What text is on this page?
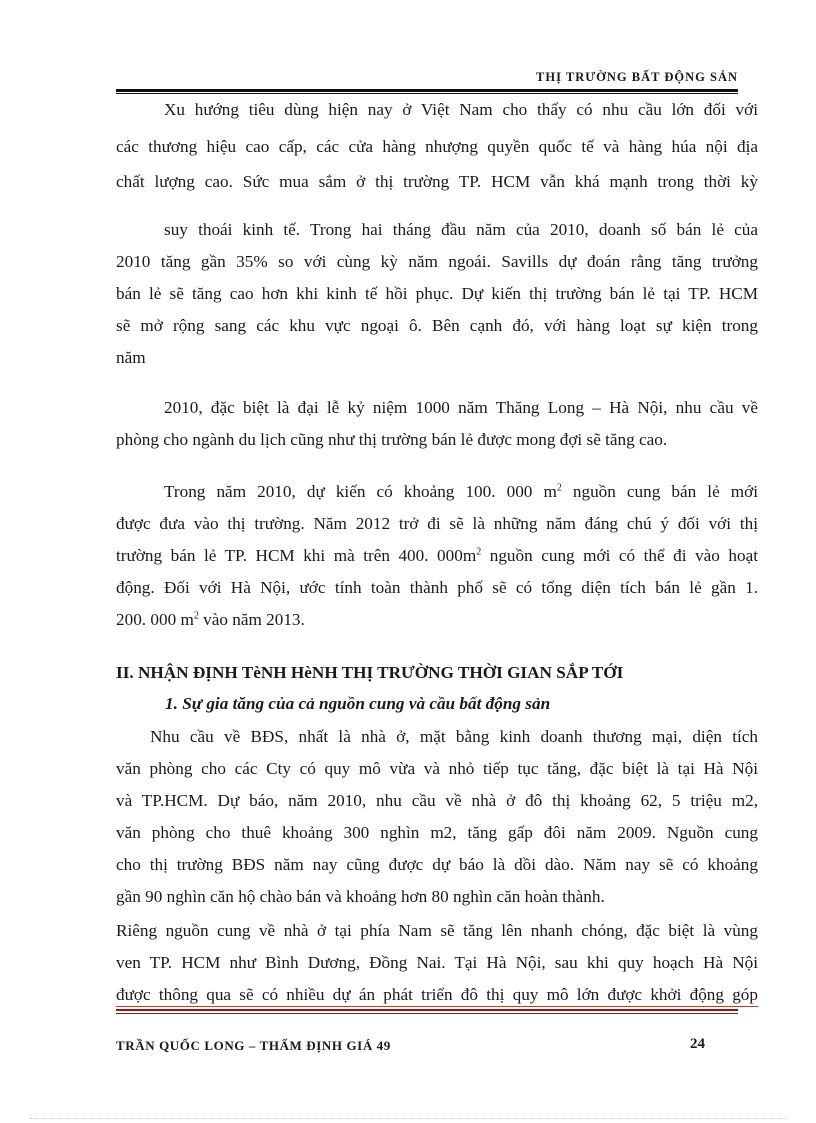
THỊ TRƯỜNG BẤT ĐỘNG SẢN
Xu hướng tiêu dùng hiện nay ở Việt Nam cho thấy có nhu cầu lớn đối với
các thương hiệu cao cấp, các cửa hàng nhượng quyền quốc tế và hàng húa nội địa
chất lượng cao. Sức mua sắm ở thị trường TP. HCM vẫn khá mạnh trong thời kỳ
suy thoái kinh tế. Trong hai tháng đầu năm của 2010, doanh số bán lẻ của
2010 tăng gần 35% so với cùng kỳ năm ngoái. Savills dự đoán rằng tăng trưởng
bán lẻ sẽ tăng cao hơn khi kinh tế hồi phục. Dự kiến thị trường bán lẻ tại TP. HCM
sẽ mở rộng sang các khu vực ngoại ô. Bên cạnh đó, với hàng loạt sự kiện trong
năm
2010, đặc biệt là đại lễ kỷ niệm 1000 năm Thăng Long – Hà Nội, nhu cầu về
phòng cho ngành du lịch cũng như thị trường bán lẻ được mong đợi sẽ tăng cao.
Trong năm 2010, dự kiến có khoảng 100. 000 $m^2$ nguồn cung bán lẻ mới
được đưa vào thị trường. Năm 2012 trở đi sẽ là những năm đáng chú ý đối với thị
trường bán lẻ TP. HCM khi mà trên 400. $000m^2$ nguồn cung mới có thể đi vào hoạt
động. Đối với Hà Nội, ước tính toàn thành phố sẽ có tổng diện tích bán lẻ gần 1.
200. 000 $m^2$ vào năm 2013.
II. NHẬN ĐỊNH TèNH HèNH THỊ TRƯỜNG THỜI GIAN SẮP TỚI
1. Sự gia tăng của cả nguồn cung và cầu bất động sản
Nhu cầu về BĐS, nhất là nhà ở, mặt bằng kinh doanh thương mại, diện tích
văn phòng cho các Cty có quy mô vừa và nhỏ tiếp tục tăng, đặc biệt là tại Hà Nội
và TP.HCM. Dự báo, năm 2010, nhu cầu về nhà ở đô thị khoảng 62, 5 triệu m2,
văn phòng cho thuê khoảng 300 nghìn m2, tăng gấp đôi năm 2009. Nguồn cung
cho thị trường BĐS năm nay cũng được dự báo là dồi dào. Năm nay sẽ có khoảng
gần 90 nghìn căn hộ chào bán và khoảng hơn 80 nghìn căn hoàn thành.
Riêng nguồn cung về nhà ở tại phía Nam sẽ tăng lên nhanh chóng, đặc biệt là vùng
ven TP. HCM như Bình Dương, Đồng Nai. Tại Hà Nội, sau khi quy hoạch Hà Nội
được thông qua sẽ có nhiều dự án phát triển đô thị quy mô lớn được khởi động góp
TRẦN QUỐC LONG – THẨM ĐỊNH GIÁ 49	24
